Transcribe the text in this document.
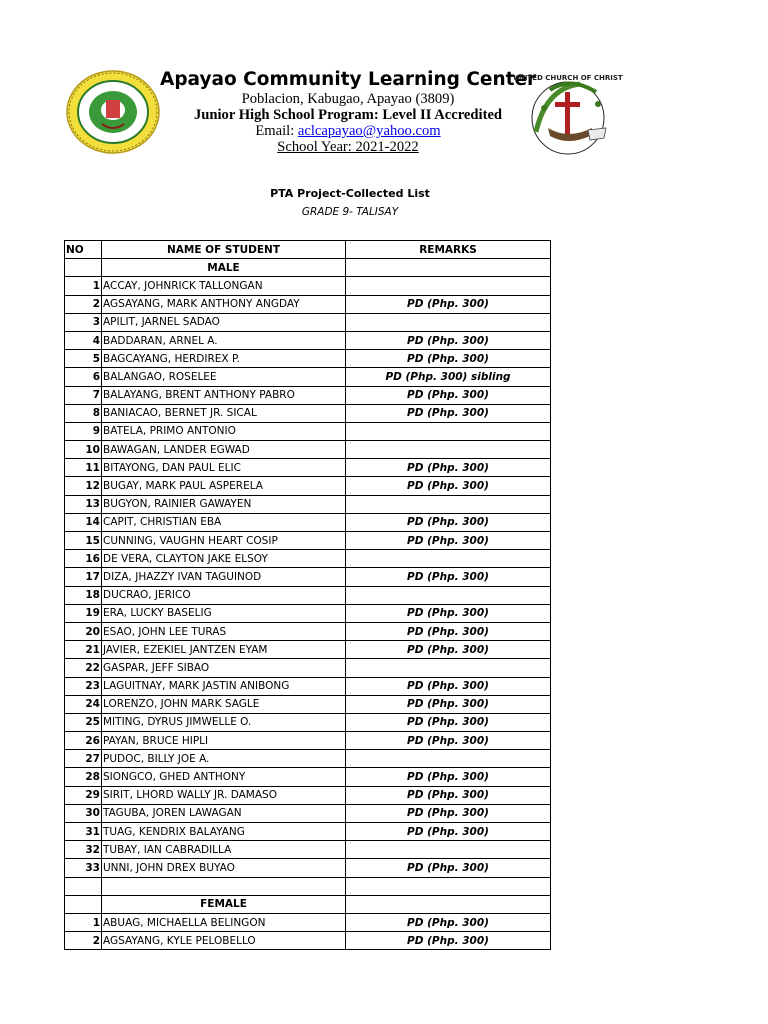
Apayao Community Learning Center
Poblacion, Kabugao, Apayao (3809)
Junior High School Program: Level II Accredited
Email: aclcapayao@yahoo.com
School Year: 2021-2022
UNITED CHURCH OF CHRIST
PTA Project-Collected List
GRADE 9- TALISAY
NO	NAME OF STUDENT	REMARKS
	MALE	
1	ACCAY, JOHNRICK TALLONGAN	
2	AGSAYANG, MARK ANTHONY ANGDAY	PD (Php. 300)
3	APILIT, JARNEL SADAO	
4	BADDARAN, ARNEL A.	PD (Php. 300)
5	BAGCAYANG, HERDIREX P.	PD (Php. 300)
6	BALANGAO, ROSELEE	PD (Php. 300) sibling
7	BALAYANG, BRENT ANTHONY PABRO	PD (Php. 300)
8	BANIACAO, BERNET JR. SICAL	PD (Php. 300)
9	BATELA, PRIMO ANTONIO	
10	BAWAGAN, LANDER EGWAD	
11	BITAYONG, DAN PAUL ELIC	PD (Php. 300)
12	BUGAY, MARK PAUL ASPERELA	PD (Php. 300)
13	BUGYON, RAINIER GAWAYEN	
14	CAPIT, CHRISTIAN EBA	PD (Php. 300)
15	CUNNING, VAUGHN HEART COSIP	PD (Php. 300)
16	DE VERA, CLAYTON JAKE ELSOY	
17	DIZA, JHAZZY IVAN TAGUINOD	PD (Php. 300)
18	DUCRAO, JERICO	
19	ERA, LUCKY BASELIG	PD (Php. 300)
20	ESAO, JOHN LEE TURAS	PD (Php. 300)
21	JAVIER, EZEKIEL JANTZEN EYAM	PD (Php. 300)
22	GASPAR, JEFF SIBAO	
23	LAGUITNAY, MARK JASTIN ANIBONG	PD (Php. 300)
24	LORENZO, JOHN MARK SAGLE	PD (Php. 300)
25	MITING, DYRUS JIMWELLE O.	PD (Php. 300)
26	PAYAN, BRUCE HIPLI	PD (Php. 300)
27	PUDOC, BILLY JOE A.	
28	SIONGCO, GHED ANTHONY	PD (Php. 300)
29	SIRIT, LHORD WALLY JR. DAMASO	PD (Php. 300)
30	TAGUBA, JOREN LAWAGAN	PD (Php. 300)
31	TUAG, KENDRIX BALAYANG	PD (Php. 300)
32	TUBAY, IAN CABRADILLA	
33	UNNI, JOHN DREX BUYAO	PD (Php. 300)

	FEMALE	
1	ABUAG, MICHAELLA BELINGON	PD (Php. 300)
2	AGSAYANG, KYLE PELOBELLO	PD (Php. 300)
